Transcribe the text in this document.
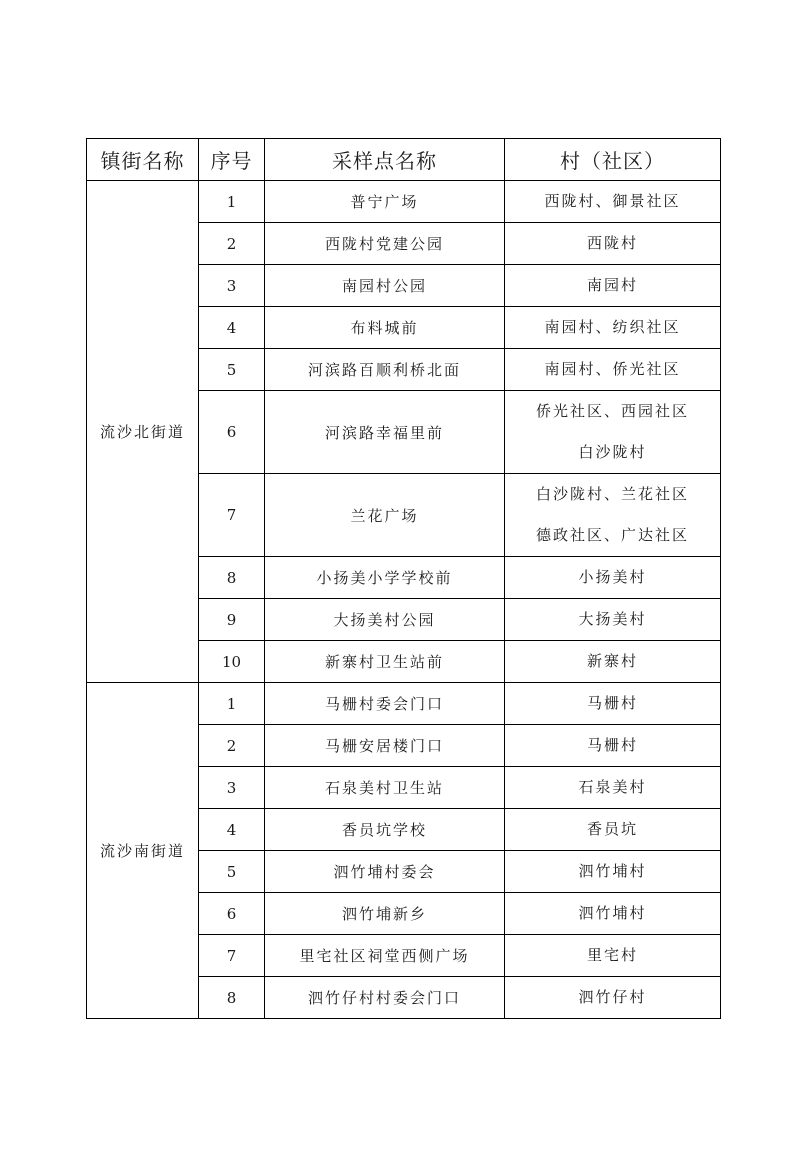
镇街名称	序号	采样点名称	村（社区）
流沙北街道	1	普宁广场	西陇村、御景社区

	2	西陇村党建公园	西陇村

	3	南园村公园	南园村

	4	布料城前	南园村、纺织社区

	5	河滨路百顺利桥北面	南园村、侨光社区

	6	河滨路幸福里前	侨光社区、西园社区
白沙陇村

	7	兰花广场	白沙陇村、兰花社区
德政社区、广达社区

	8	小扬美小学学校前	小扬美村

	9	大扬美村公园	大扬美村

	10	新寨村卫生站前	新寨村

流沙南街道	1	马栅村委会门口	马栅村

	2	马栅安居楼门口	马栅村

	3	石泉美村卫生站	石泉美村

	4	香员坑学校	香员坑

	5	泗竹埔村委会	泗竹埔村

	6	泗竹埔新乡	泗竹埔村

	7	里宅社区祠堂西侧广场	里宅村

	8	泗竹仔村村委会门口	泗竹仔村
